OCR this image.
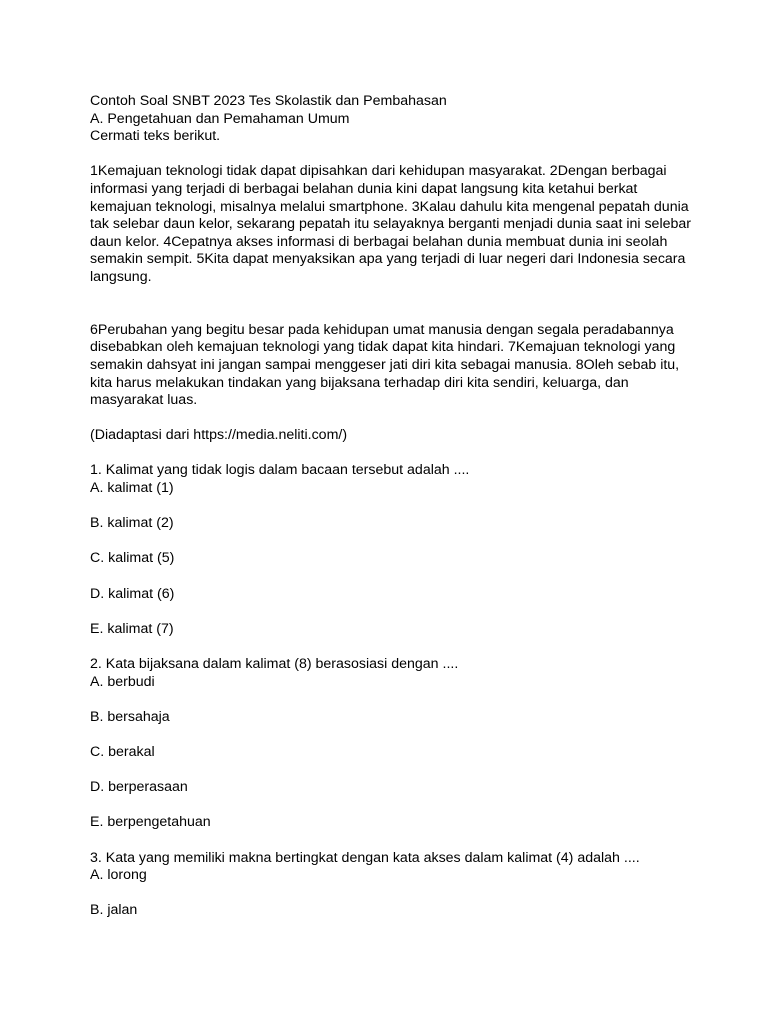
Contoh Soal SNBT 2023 Tes Skolastik dan Pembahasan
A. Pengetahuan dan Pemahaman Umum
Cermati teks berikut.
1Kemajuan teknologi tidak dapat dipisahkan dari kehidupan masyarakat. 2Dengan berbagai
informasi yang terjadi di berbagai belahan dunia kini dapat langsung kita ketahui berkat
kemajuan teknologi, misalnya melalui smartphone. 3Kalau dahulu kita mengenal pepatah dunia
tak selebar daun kelor, sekarang pepatah itu selayaknya berganti menjadi dunia saat ini selebar
daun kelor. 4Cepatnya akses informasi di berbagai belahan dunia membuat dunia ini seolah
semakin sempit. 5Kita dapat menyaksikan apa yang terjadi di luar negeri dari Indonesia secara
langsung.
6Perubahan yang begitu besar pada kehidupan umat manusia dengan segala peradabannya
disebabkan oleh kemajuan teknologi yang tidak dapat kita hindari. 7Kemajuan teknologi yang
semakin dahsyat ini jangan sampai menggeser jati diri kita sebagai manusia. 8Oleh sebab itu,
kita harus melakukan tindakan yang bijaksana terhadap diri kita sendiri, keluarga, dan
masyarakat luas.
(Diadaptasi dari https://media.neliti.com/)
1. Kalimat yang tidak logis dalam bacaan tersebut adalah ....
A. kalimat (1)
B. kalimat (2)
C. kalimat (5)
D. kalimat (6)
E. kalimat (7)
2. Kata bijaksana dalam kalimat (8) berasosiasi dengan ....
A. berbudi
B. bersahaja
C. berakal
D. berperasaan
E. berpengetahuan
3. Kata yang memiliki makna bertingkat dengan kata akses dalam kalimat (4) adalah ....
A. lorong
B. jalan
